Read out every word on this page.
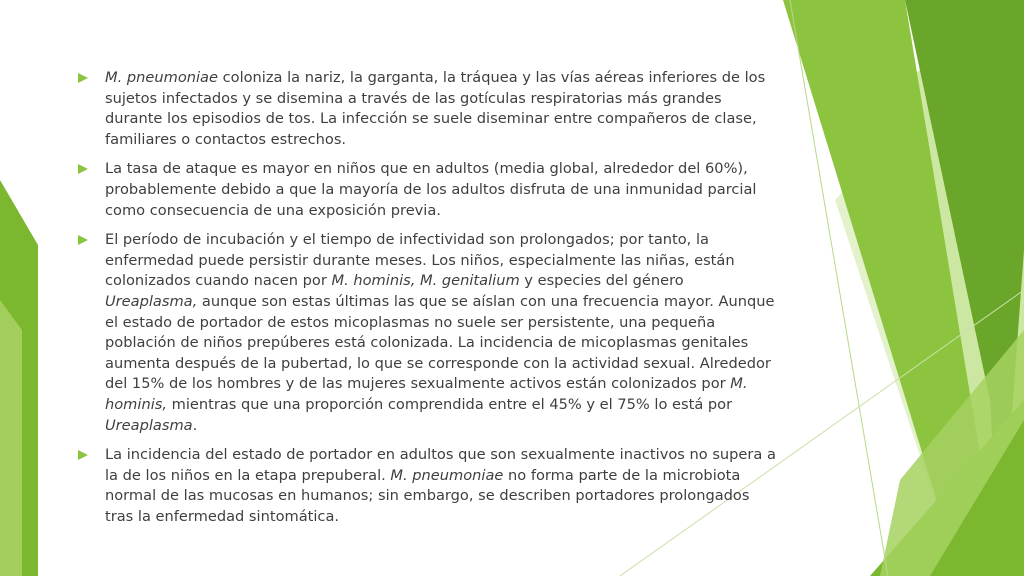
M. pneumoniae coloniza la nariz, la garganta, la tráquea y las vías aéreas inferiores de los sujetos infectados y se disemina a través de las gotículas respiratorias más grandes durante los episodios de tos. La infección se suele diseminar entre compañeros de clase, familiares o contactos estrechos.
La tasa de ataque es mayor en niños que en adultos (media global, alrededor del 60%), probablemente debido a que la mayoría de los adultos disfruta de una inmunidad parcial como consecuencia de una exposición previa.
El período de incubación y el tiempo de infectividad son prolongados; por tanto, la enfermedad puede persistir durante meses. Los niños, especialmente las niñas, están colonizados cuando nacen por M. hominis, M. genitalium y especies del género Ureaplasma, aunque son estas últimas las que se aíslan con una frecuencia mayor. Aunque el estado de portador de estos micoplasmas no suele ser persistente, una pequeña población de niños prepúberes está colonizada. La incidencia de micoplasmas genitales aumenta después de la pubertad, lo que se corresponde con la actividad sexual. Alrededor del 15% de los hombres y de las mujeres sexualmente activos están colonizados por M. hominis, mientras que una proporción comprendida entre el 45% y el 75% lo está por Ureaplasma.
La incidencia del estado de portador en adultos que son sexualmente inactivos no supera a la de los niños en la etapa prepuberal. M. pneumoniae no forma parte de la microbiota normal de las mucosas en humanos; sin embargo, se describen portadores prolongados tras la enfermedad sintomática.
